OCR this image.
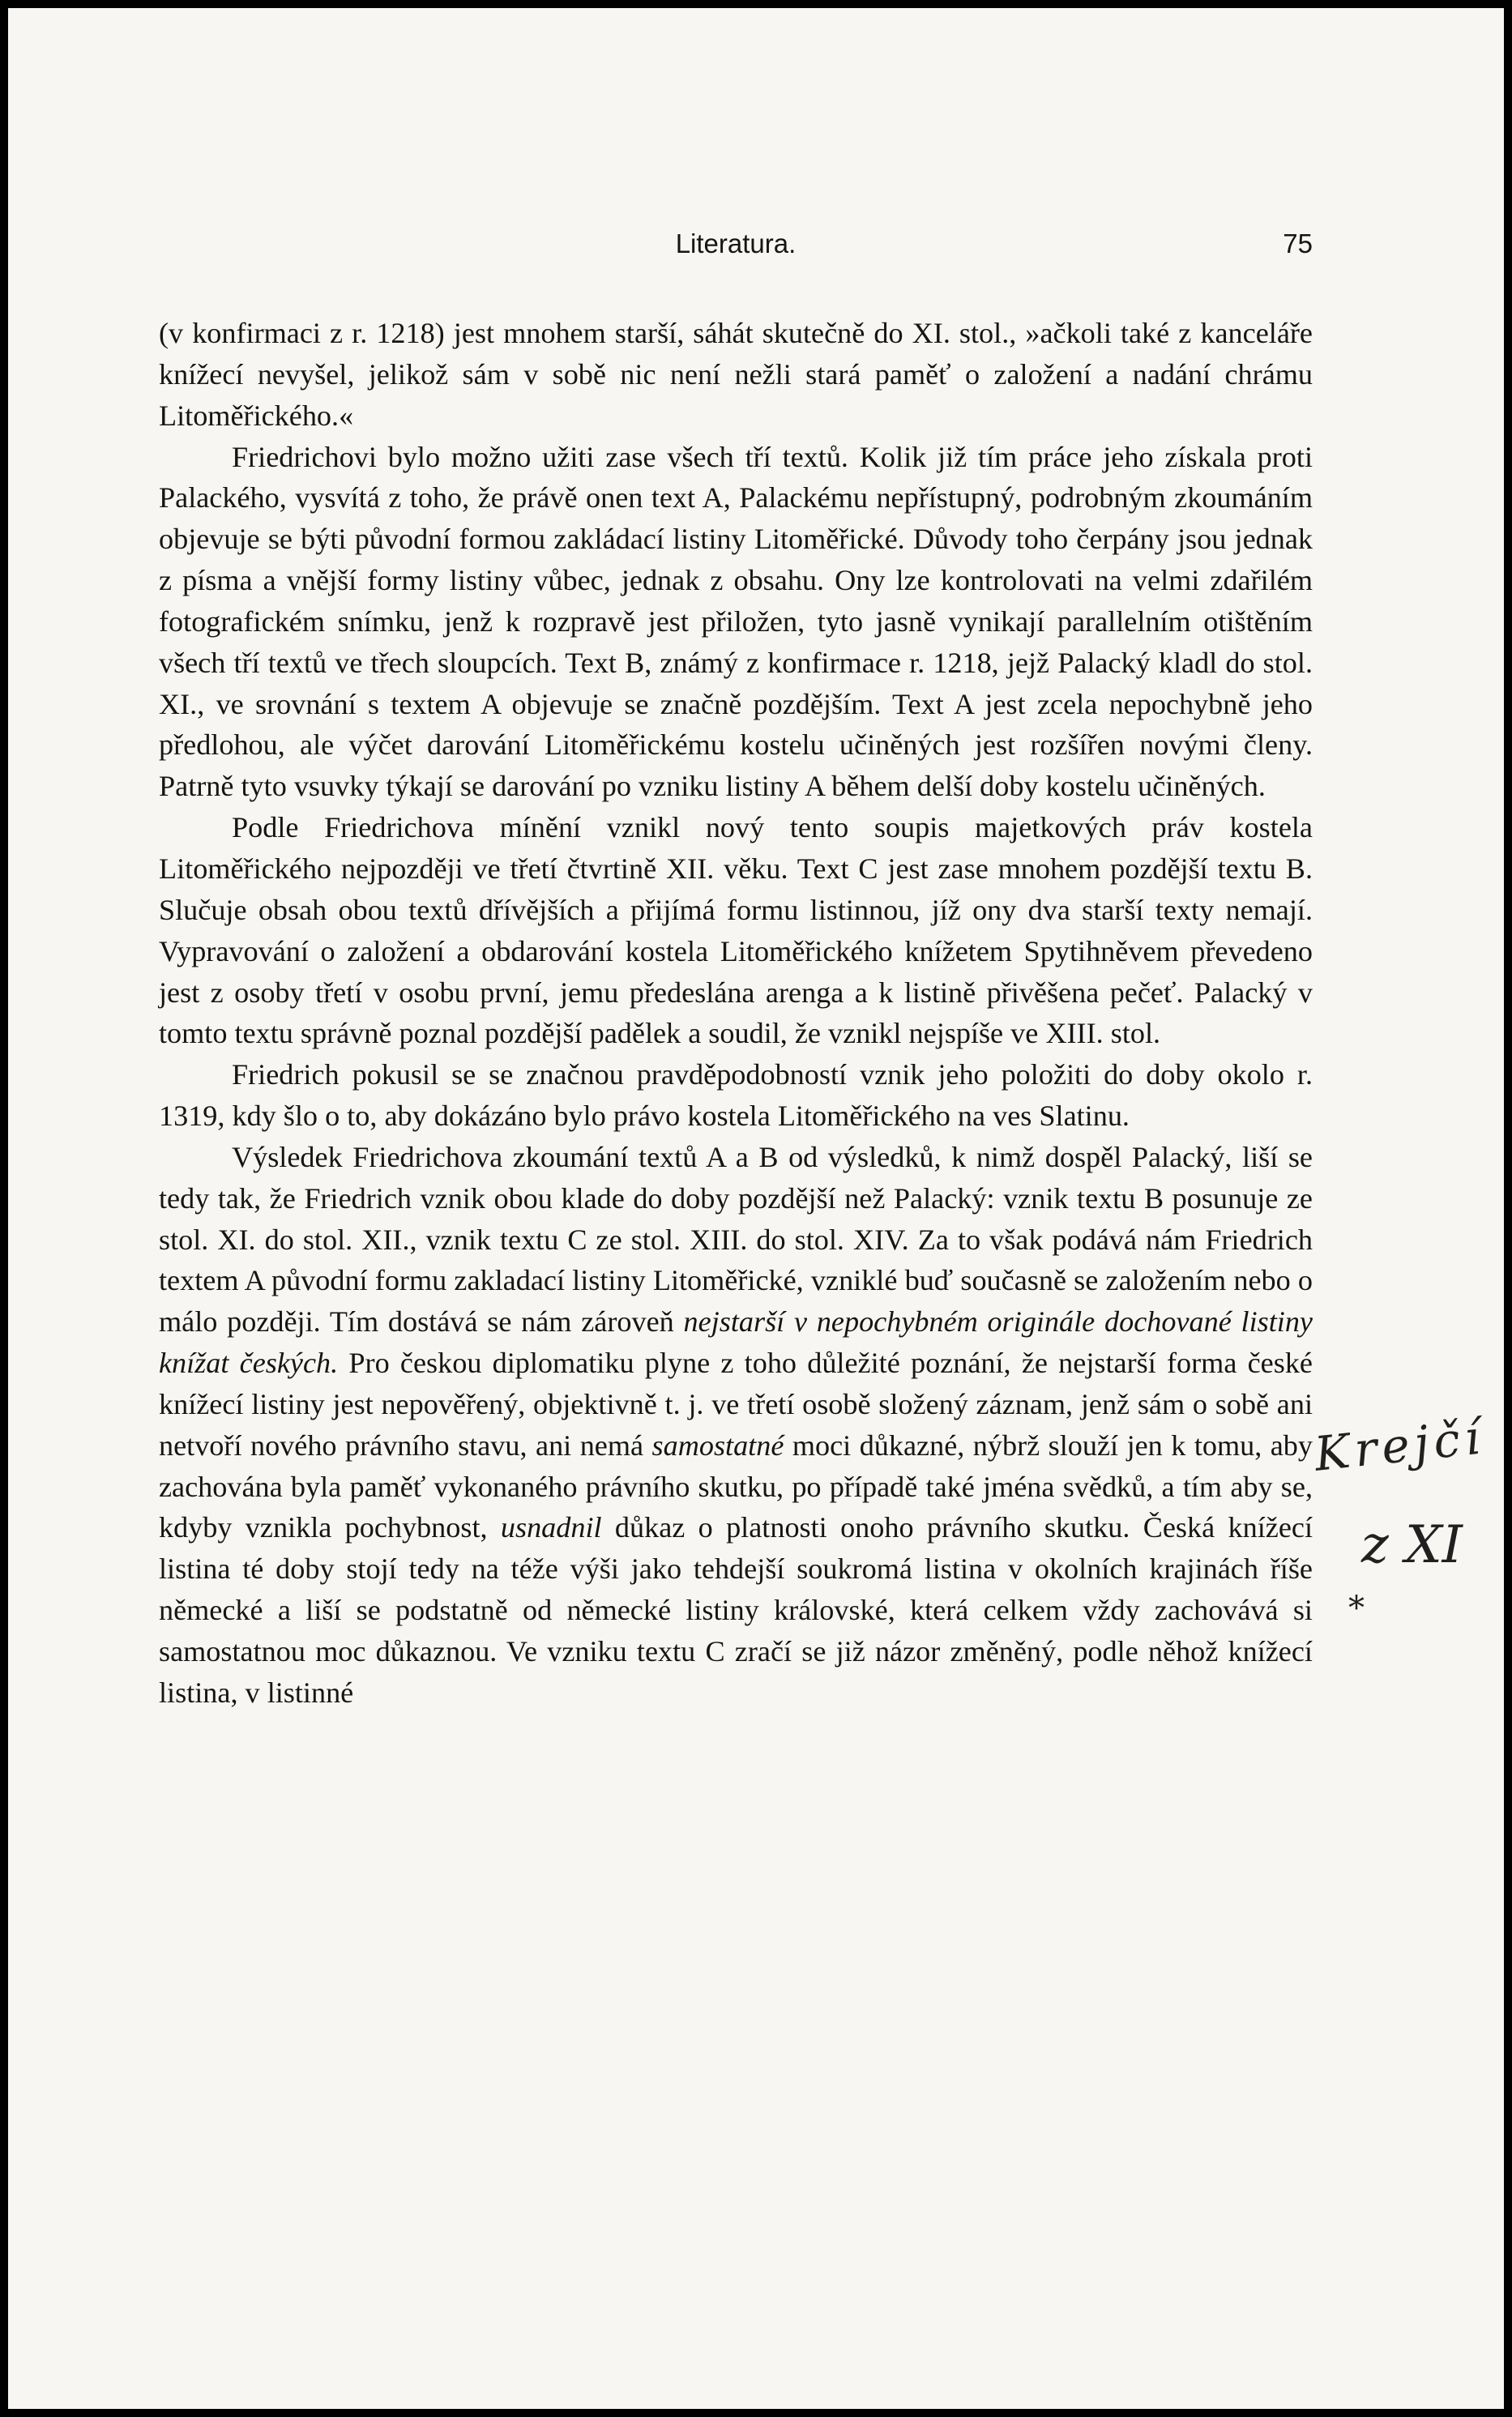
Literatura.	75

(v konfirmaci z r. 1218) jest mnohem starší, sáhát skutečně do XI. stol., »ačkoli také z kanceláře knížecí nevyšel, jelikož sám v sobě nic není nežli stará paměť o založení a nadání chrámu Litoměřického.«

Friedrichovi bylo možno užiti zase všech tří textů. Kolik již tím práce jeho získala proti Palackého, vysvítá z toho, že právě onen text A, Palackému nepřístupný, podrobným zkoumáním objevuje se býti původní formou zakládací listiny Litoměřické. Důvody toho čerpány jsou jednak z písma a vnější formy listiny vůbec, jednak z obsahu. Ony lze kontrolovati na velmi zdařilém fotografickém snímku, jenž k rozpravě jest přiložen, tyto jasně vynikají parallelním otištěním všech tří textů ve třech sloupcích. Text B, známý z konfirmace r. 1218, jejž Palacký kladl do stol. XI., ve srovnání s textem A objevuje se značně pozdějším. Text A jest zcela nepochybně jeho předlohou, ale výčet darování Litoměřickému kostelu učiněných jest rozšířen novými členy. Patrně tyto vsuvky týkají se darování po vzniku listiny A během delší doby kostelu učiněných.

Podle Friedrichova mínění vznikl nový tento soupis majetkových práv kostela Litoměřického nejpozději ve třetí čtvrtině XII. věku. Text C jest zase mnohem pozdější textu B. Slučuje obsah obou textů dřívějších a přijímá formu listinnou, jíž ony dva starší texty nemají. Vypravování o založení a obdarování kostela Litoměřického knížetem Spytihněvem převedeno jest z osoby třetí v osobu první, jemu předeslána arenga a k listině přivěšena pečeť. Palacký v tomto textu správně poznal pozdější padělek a soudil, že vznikl nejspíše ve XIII. stol.

Friedrich pokusil se se značnou pravděpodobností vznik jeho položiti do doby okolo r. 1319, kdy šlo o to, aby dokázáno bylo právo kostela Litoměřického na ves Slatinu.

Výsledek Friedrichova zkoumání textů A a B od výsledků, k nimž dospěl Palacký, liší se tedy tak, že Friedrich vznik obou klade do doby pozdější než Palacký: vznik textu B posunuje ze stol. XI. do stol. XII., vznik textu C ze stol. XIII. do stol. XIV. Za to však podává nám Friedrich textem A původní formu zakladací listiny Litoměřické, vzniklé buď současně se založením nebo o málo později. Tím dostává se nám zároveň nejstarší v nepochybném originále dochované listiny knížat českých. Pro českou diplomatiku plyne z toho důležité poznání, že nejstarší forma české knížecí listiny jest nepověřený, objektivně t. j. ve třetí osobě složený záznam, jenž sám o sobě ani netvoří nového právního stavu, ani nemá samostatné moci důkazné, nýbrž slouží jen k tomu, aby zachována byla paměť vykonaného právního skutku, po případě také jména svědků, a tím aby se, kdyby vznikla pochybnost, usnadnil důkaz o platnosti onoho právního skutku. Česká knížecí listina té doby stojí tedy na téže výši jako tehdejší soukromá listina v okolních krajinách říše německé a liší se podstatně od německé listiny královské, která celkem vždy zachovává si samostatnou moc důkaznou. Ve vzniku textu C zračí se již názor změněný, podle něhož knížecí listina, v listinné

Krejčí
z XI
*
